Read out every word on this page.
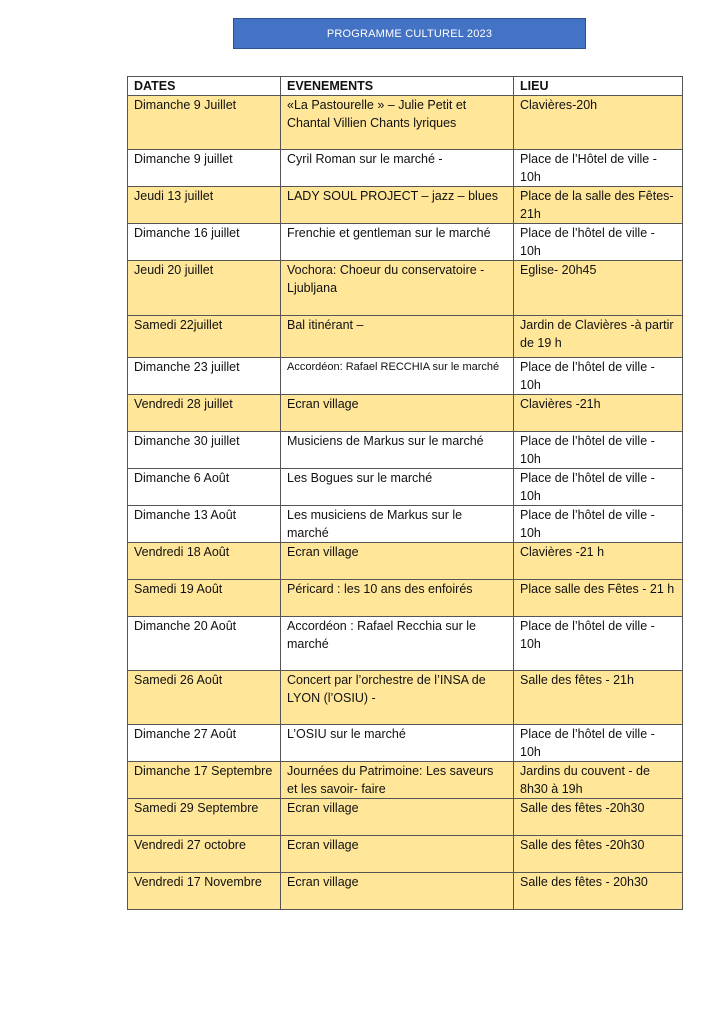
PROGRAMME CULTUREL 2023
DATES	EVENEMENTS	LIEU
Dimanche 9 Juillet	«La Pastourelle » – Julie Petit et Chantal Villien Chants lyriques	Clavières-20h
Dimanche 9 juillet	Cyril Roman sur le marché -	Place de l’Hôtel de ville - 10h
Jeudi 13 juillet	LADY SOUL PROJECT – jazz – blues	Place de la salle des Fêtes- 21h
Dimanche 16 juillet	Frenchie et gentleman sur le marché	Place de l’hôtel de ville - 10h
Jeudi 20 juillet	Vochora: Choeur du conservatoire - Ljubljana	Eglise- 20h45
Samedi 22juillet	Bal itinérant –	Jardin de Clavières -à partir de 19 h
Dimanche 23 juillet	Accordéon: Rafael RECCHIA sur le marché	Place de l’hôtel de ville - 10h
Vendredi 28 juillet	Ecran village	Clavières -21h
Dimanche 30 juillet	Musiciens de Markus sur le marché	Place de l’hôtel de ville - 10h
Dimanche 6 Août	Les Bogues sur le marché	Place de l’hôtel de ville - 10h
Dimanche 13 Août	Les musiciens de Markus sur le marché	Place de l’hôtel de ville - 10h
Vendredi 18 Août	Ecran village	Clavières -21 h
Samedi 19 Août	Péricard : les 10 ans des enfoirés	Place salle des Fêtes - 21 h
Dimanche 20 Août	Accordéon : Rafael Recchia sur le marché	Place de l’hôtel de ville - 10h
Samedi 26 Août	Concert par l’orchestre de l’INSA de LYON (l’OSIU) -	Salle des fêtes - 21h
Dimanche 27 Août	L’OSIU sur le marché	Place de l’hôtel de ville - 10h
Dimanche 17 Septembre	Journées du Patrimoine: Les saveurs et les savoir- faire	Jardins du couvent - de 8h30 à 19h
Samedi 29 Septembre	Ecran village	Salle des fêtes -20h30
Vendredi 27 octobre	Ecran village	Salle des fêtes -20h30
Vendredi 17 Novembre	Ecran village	Salle des fêtes - 20h30
